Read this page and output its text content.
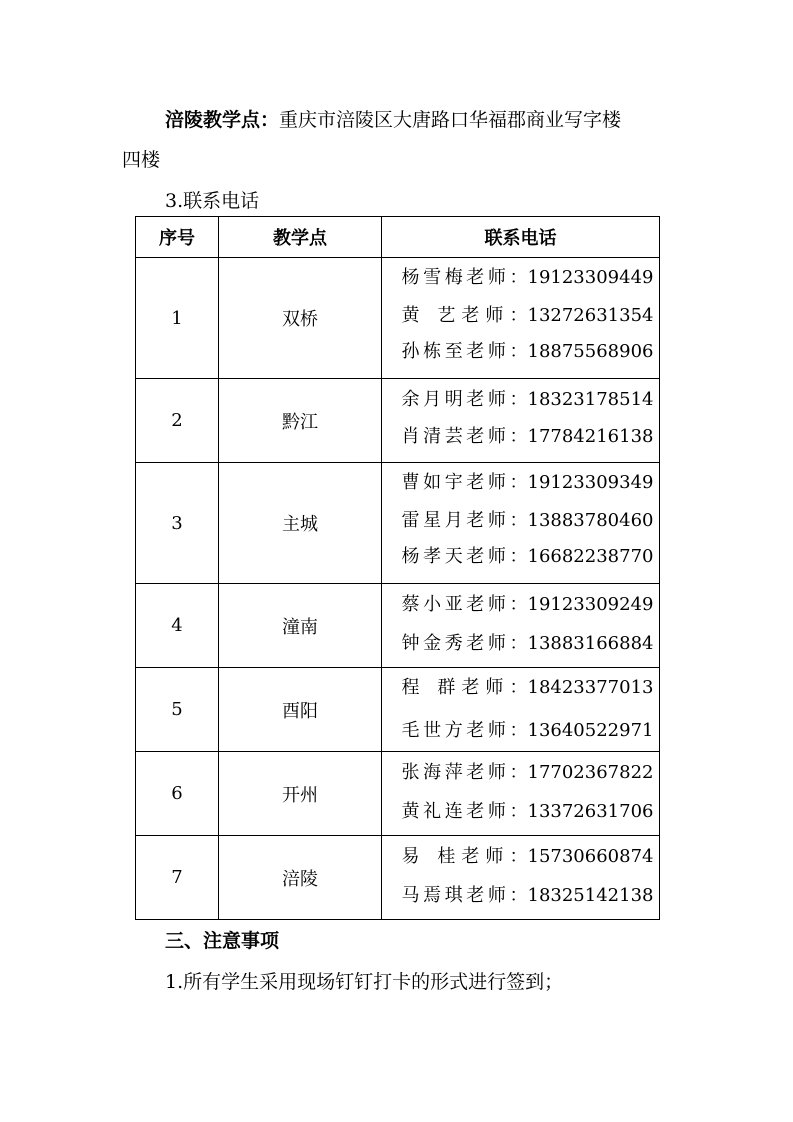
涪陵教学点：重庆市涪陵区大唐路口华福郡商业写字楼
四楼
3.联系电话
序号	教学点	联系电话
1	双桥	杨雪梅老师：19123309449
黄 艺老师：13272631354
孙栋至老师：18875568906

2	黔江	余月明老师：18323178514
肖清芸老师：17784216138

3	主城	曹如宇老师：19123309349
雷星月老师：13883780460
杨孝天老师：16682238770

4	潼南	蔡小亚老师：19123309249
钟金秀老师：13883166884

5	酉阳	程 群老师：18423377013
毛世方老师：13640522971

6	开州	张海萍老师：17702367822
黄礼连老师：13372631706

7	涪陵	易 桂老师：15730660874
马焉琪老师：18325142138
三、注意事项
1.所有学生采用现场钉钉打卡的形式进行签到；
